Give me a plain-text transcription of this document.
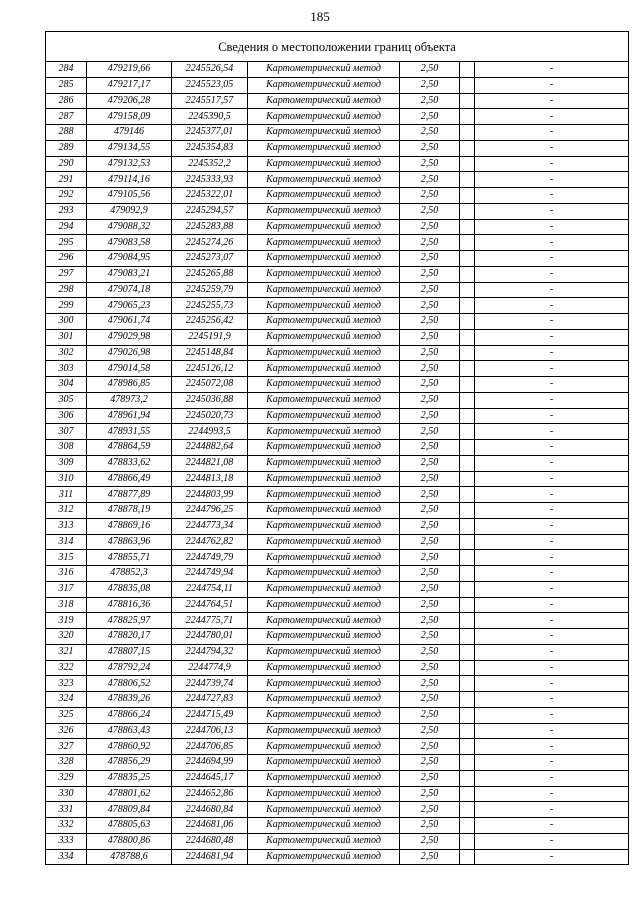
185
Сведения о местоположении границ объекта						
284	479219,66	2245526,54	Картометрический метод	2,50		-
285	479217,17	2245523,05	Картометрический метод	2,50		-
286	479206,28	2245517,57	Картометрический метод	2,50		-
287	479158,09	2245390,5	Картометрический метод	2,50		-
288	479146	2245377,01	Картометрический метод	2,50		-
289	479134,55	2245354,83	Картометрический метод	2,50		-
290	479132,53	2245352,2	Картометрический метод	2,50		-
291	479114,16	2245333,93	Картометрический метод	2,50		-
292	479105,56	2245322,01	Картометрический метод	2,50		-
293	479092,9	2245294,57	Картометрический метод	2,50		-
294	479088,32	2245283,88	Картометрический метод	2,50		-
295	479083,58	2245274,26	Картометрический метод	2,50		-
296	479084,95	2245273,07	Картометрический метод	2,50		-
297	479083,21	2245265,88	Картометрический метод	2,50		-
298	479074,18	2245259,79	Картометрический метод	2,50		-
299	479065,23	2245255,73	Картометрический метод	2,50		-
300	479061,74	2245256,42	Картометрический метод	2,50		-
301	479029,98	2245191,9	Картометрический метод	2,50		-
302	479026,98	2245148,84	Картометрический метод	2,50		-
303	479014,58	2245126,12	Картометрический метод	2,50		-
304	478986,85	2245072,08	Картометрический метод	2,50		-
305	478973,2	2245036,88	Картометрический метод	2,50		-
306	478961,94	2245020,73	Картометрический метод	2,50		-
307	478931,55	2244993,5	Картометрический метод	2,50		-
308	478864,59	2244882,64	Картометрический метод	2,50		-
309	478833,62	2244821,08	Картометрический метод	2,50		-
310	478866,49	2244813,18	Картометрический метод	2,50		-
311	478877,89	2244803,99	Картометрический метод	2,50		-
312	478878,19	2244796,25	Картометрический метод	2,50		-
313	478869,16	2244773,34	Картометрический метод	2,50		-
314	478863,96	2244762,82	Картометрический метод	2,50		-
315	478855,71	2244749,79	Картометрический метод	2,50		-
316	478852,3	2244749,94	Картометрический метод	2,50		-
317	478835,08	2244754,11	Картометрический метод	2,50		-
318	478816,36	2244764,51	Картометрический метод	2,50		-
319	478825,97	2244775,71	Картометрический метод	2,50		-
320	478820,17	2244780,01	Картометрический метод	2,50		-
321	478807,15	2244794,32	Картометрический метод	2,50		-
322	478792,24	2244774,9	Картометрический метод	2,50		-
323	478806,52	2244739,74	Картометрический метод	2,50		-
324	478839,26	2244727,83	Картометрический метод	2,50		-
325	478866,24	2244715,49	Картометрический метод	2,50		-
326	478863,43	2244706,13	Картометрический метод	2,50		-
327	478860,92	2244706,85	Картометрический метод	2,50		-
328	478856,29	2244694,99	Картометрический метод	2,50		-
329	478835,25	2244645,17	Картометрический метод	2,50		-
330	478801,62	2244652,86	Картометрический метод	2,50		-
331	478809,84	2244680,84	Картометрический метод	2,50		-
332	478805,63	2244681,06	Картометрический метод	2,50		-
333	478800,86	2244680,48	Картометрический метод	2,50		-
334	478788,6	2244681,94	Картометрический метод	2,50		-
